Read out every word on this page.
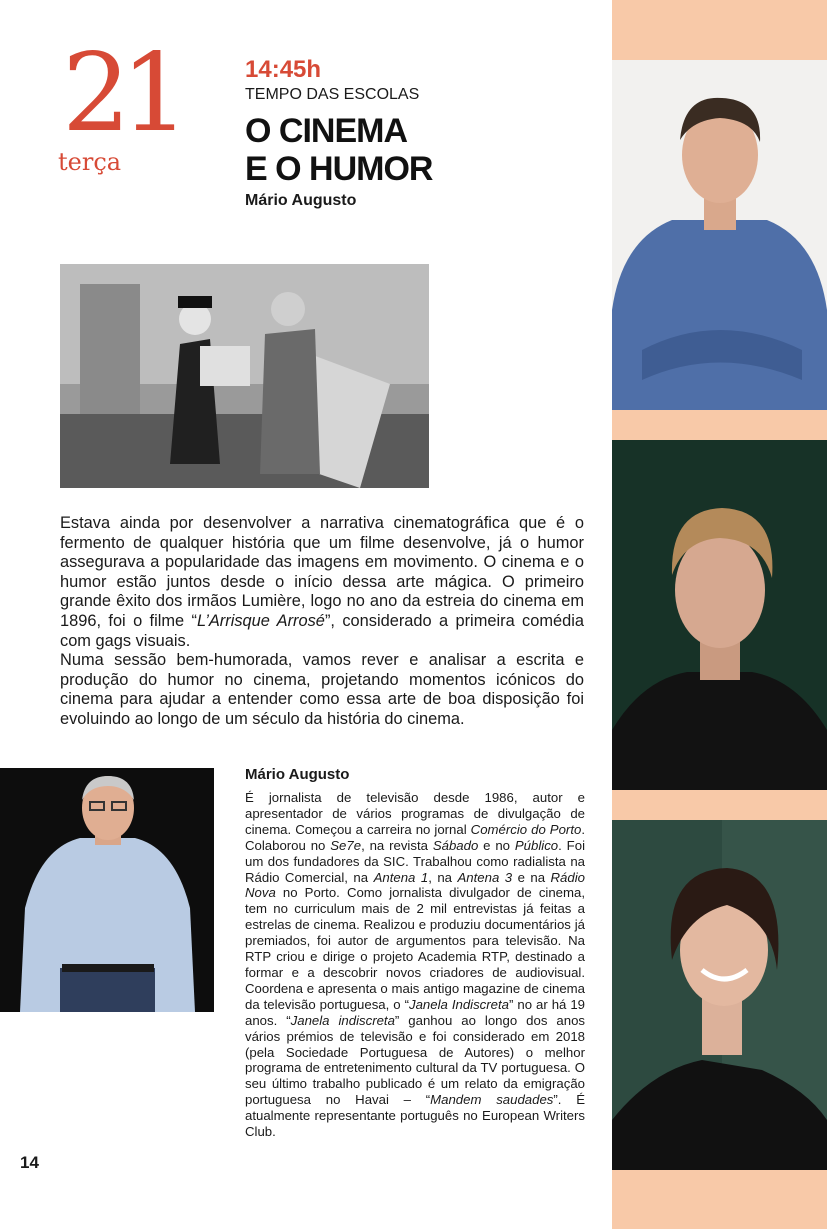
21
terça
14:45h
TEMPO DAS ESCOLAS
O CINEMA
E O HUMOR
Mário Augusto

Estava ainda por desenvolver a narrativa cinematográfica que é o fermento de qualquer história que um filme desenvolve, já o humor assegurava a popularidade das imagens em movimento. O cinema e o humor estão juntos desde o início dessa arte mágica. O primeiro grande êxito dos irmãos Lumière, logo no ano da estreia do cinema em 1896, foi o filme “L’Arrisque Arrosé”, considerado a primeira comédia com gags visuais.

Numa sessão bem-humorada, vamos rever e analisar a escrita e produção do humor no cinema, projetando momentos icónicos do cinema para ajudar a entender como essa arte de boa disposição foi evoluindo ao longo de um século da história do cinema.

Mário Augusto

É jornalista de televisão desde 1986, autor e apresentador de vários programas de divulgação de cinema. Começou a carreira no jornal Comércio do Porto. Colaborou no Se7e, na revista Sábado e no Público. Foi um dos fundadores da SIC. Trabalhou como radialista na Rádio Comercial, na Antena 1, na Antena 3 e na Rádio Nova no Porto. Como jornalista divulgador de cinema, tem no curriculum mais de 2 mil entrevistas já feitas a estrelas de cinema. Realizou e produziu documentários já premiados, foi autor de argumentos para televisão. Na RTP criou e dirige o projeto Academia RTP, destinado a formar e a descobrir novos criadores de audiovisual. Coordena e apresenta o mais antigo magazine de cinema da televisão portuguesa, o “Janela Indiscreta” no ar há 19 anos. “Janela indiscreta” ganhou ao longo dos anos vários prémios de televisão e foi considerado em 2018 (pela Sociedade Portuguesa de Autores) o melhor programa de entretenimento cultural da TV portuguesa. O seu último trabalho publicado é um relato da emigração portuguesa no Havai – “Mandem saudades”. É atualmente representante português no European Writers Club.

14
